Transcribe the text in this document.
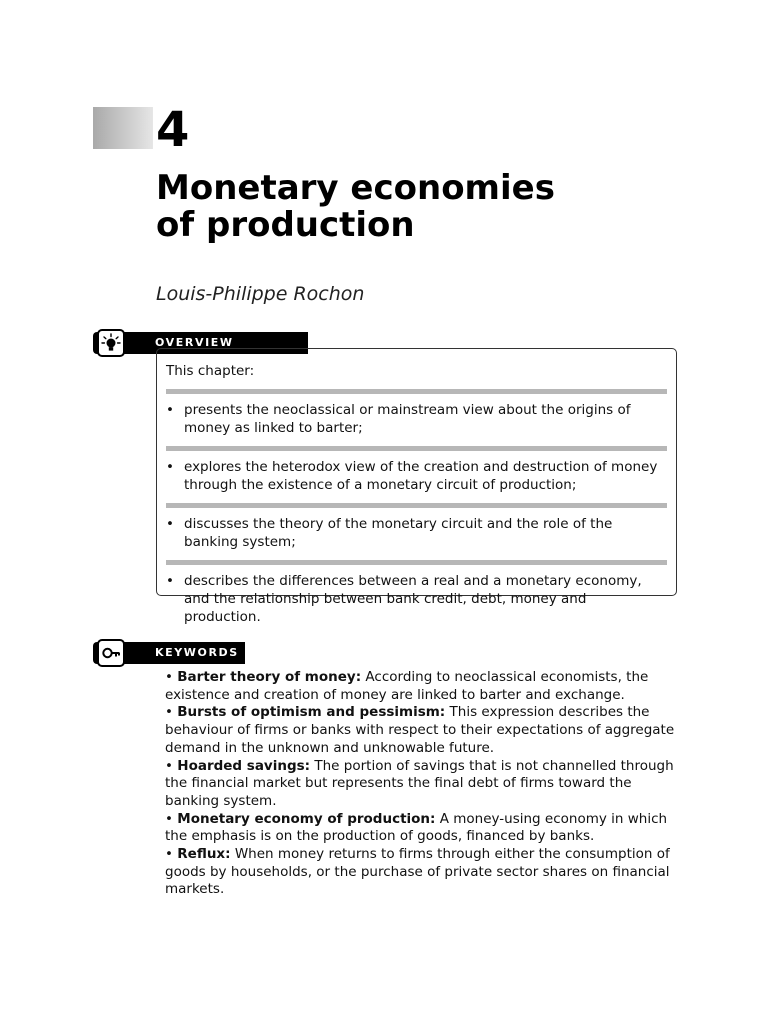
4
Monetary economies
of production
Louis-Philippe Rochon
OVERVIEW

This chapter:

• presents the neoclassical or mainstream view about the origins of money as linked to barter;
• explores the heterodox view of the creation and destruction of money through the existence of a monetary circuit of production;
• discusses the theory of the monetary circuit and the role of the banking system;
• describes the differences between a real and a monetary economy, and the relationship between bank credit, debt, money and production.
KEYWORDS

• Barter theory of money: According to neoclassical economists, the existence and creation of money are linked to barter and exchange.

• Bursts of optimism and pessimism: This expression describes the behaviour of firms or banks with respect to their expectations of aggregate demand in the unknown and unknowable future.

• Hoarded savings: The portion of savings that is not channelled through the financial market but represents the final debt of firms toward the banking system.

• Monetary economy of production: A money-using economy in which the emphasis is on the production of goods, financed by banks.

• Reflux: When money returns to firms through either the consumption of goods by households, or the purchase of private sector shares on financial markets.
